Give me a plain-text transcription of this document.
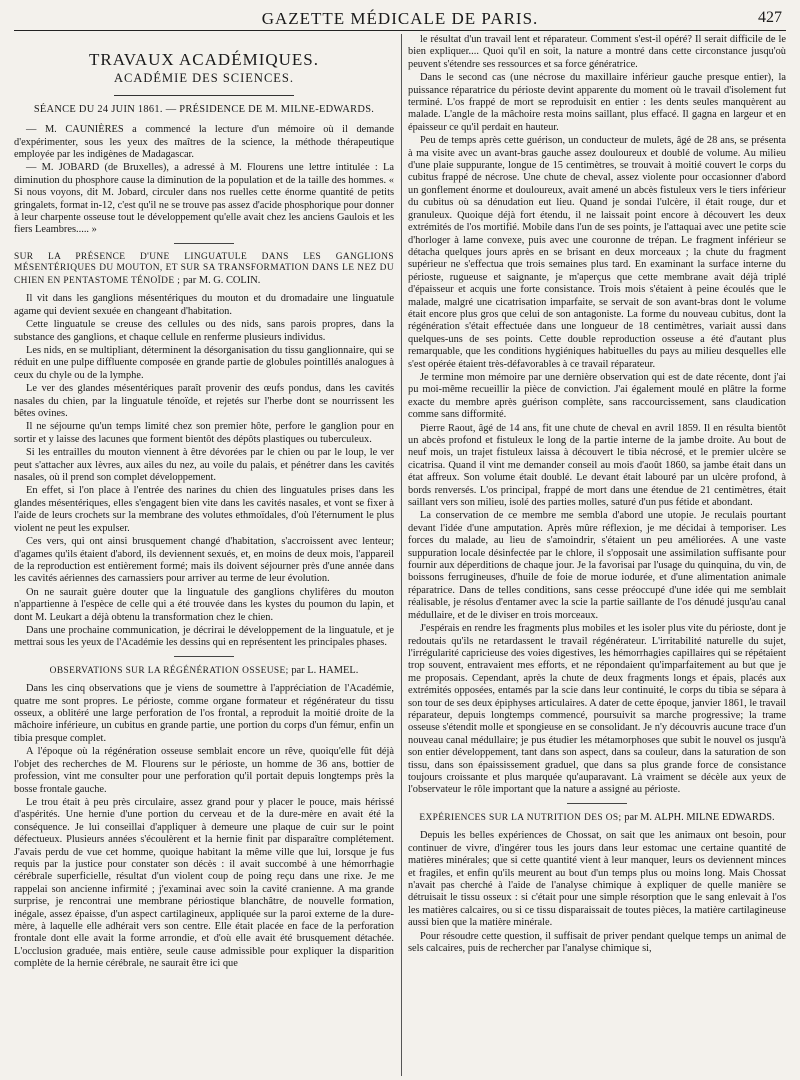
GAZETTE MÉDICALE DE PARIS.	427
TRAVAUX ACADÉMIQUES.
ACADÉMIE DES SCIENCES.
SÉANCE DU 24 JUIN 1861. — PRÉSIDENCE DE M. MILNE-EDWARDS.

— M. CAUNIÈRES a commencé la lecture d'un mémoire où il demande d'expérimenter, sous les yeux des maîtres de la science, la méthode thérapeutique employée par les indigènes de Madagascar.

— M. JOBARD (de Bruxelles), a adressé à M. Flourens une lettre intitulée : La diminution du phosphore cause la diminution de la population et de la taille des hommes. « Si nous voyons, dit M. Jobard, circuler dans nos ruelles cette énorme quantité de petits gringalets, format in-12, c'est qu'il ne se trouve pas assez d'acide phosphorique pour donner à leur charpente osseuse tout le développement qu'elle avait chez les anciens Gaulois et les fiers Leambres..... »

SUR LA PRÉSENCE D'UNE LINGUATULE DANS LES GANGLIONS MÉSENTÉRIQUES DU MOUTON, ET SUR SA TRANSFORMATION DANS LE NEZ DU CHIEN EN PENTASTOME TÉNOÏDE ; par M. G. COLIN.

Il vit dans les ganglions mésentériques du mouton et du dromadaire une linguatule agame qui devient sexuée en changeant d'habitation.

Cette linguatule se creuse des cellules ou des nids, sans parois propres, dans la substance des ganglions, et chaque cellule en renferme plusieurs individus.

Les nids, en se multipliant, déterminent la désorganisation du tissu ganglionnaire, qui se réduit en une pulpe diffluente composée en grande partie de globules pointillés analogues à ceux du chyle ou de la lymphe.

Le ver des glandes mésentériques paraît provenir des œufs pondus, dans les cavités nasales du chien, par la linguatule ténoïde, et rejetés sur l'herbe dont se nourrissent les bêtes ovines.

Il ne séjourne qu'un temps limité chez son premier hôte, perfore le ganglion pour en sortir et y laisse des lacunes que forment bientôt des dépôts plastiques ou tuberculeux.

Si les entrailles du mouton viennent à être dévorées par le chien ou par le loup, le ver peut s'attacher aux lèvres, aux ailes du nez, au voile du palais, et pénétrer dans les cavités nasales, où il prend son complet développement.

En effet, si l'on place à l'entrée des narines du chien des linguatules prises dans les glandes mésentériques, elles s'engagent bien vite dans les cavités nasales, et vont se fixer à l'aide de leurs crochets sur la membrane des volutes ethmoïdales, d'où l'éternument le plus violent ne peut les expulser.

Ces vers, qui ont ainsi brusquement changé d'habitation, s'accroissent avec lenteur; d'agames qu'ils étaient d'abord, ils deviennent sexués, et, en moins de deux mois, l'appareil de la reproduction est entièrement formé; mais ils doivent séjourner près d'une année dans les cavités aériennes des carnassiers pour arriver au terme de leur évolution.

On ne saurait guère douter que la linguatule des ganglions chylifères du mouton n'appartienne à l'espèce de celle qui a été trouvée dans les kystes du poumon du lapin, et dont M. Leukart a déjà obtenu la transformation chez le chien.

Dans une prochaine communication, je décrirai le développement de la linguatule, et je mettrai sous les yeux de l'Académie les dessins qui en représentent les principales phases.

OBSERVATIONS SUR LA RÉGÉNÉRATION OSSEUSE; par L. HAMEL.

Dans les cinq observations que je viens de soumettre à l'appréciation de l'Académie, quatre me sont propres. Le périoste, comme organe formateur et régénérateur du tissu osseux, a oblitéré une large perforation de l'os frontal, a reproduit la moitié droite de la mâchoire inférieure, un cubitus en grande partie, une portion du corps d'un fémur, enfin un tibia presque complet.

A l'époque où la régénération osseuse semblait encore un rêve, quoiqu'elle fût déjà l'objet des recherches de M. Flourens sur le périoste, un homme de 36 ans, bottier de profession, vint me consulter pour une perforation qu'il portait depuis longtemps près la bosse frontale gauche.

Le trou était à peu près circulaire, assez grand pour y placer le pouce, mais hérissé d'aspérités. Une hernie d'une portion du cerveau et de la dure-mère en avait été la conséquence. Je lui conseillai d'appliquer à demeure une plaque de cuir sur le point défectueux. Plusieurs années s'écoulèrent et la hernie finit par disparaître complétement. J'avais perdu de vue cet homme, quoique habitant la même ville que lui, lorsque je fus requis par la justice pour constater son décès : il avait succombé à une hémorrhagie cérébrale superficielle, résultat d'un violent coup de poing reçu dans une rixe. Je me rappelai son ancienne infirmité ; j'examinai avec soin la cavité cranienne. A ma grande surprise, je rencontrai une membrane périostique blanchâtre, de nouvelle formation, inégale, assez épaisse, d'un aspect cartilagineux, appliquée sur la paroi externe de la dure-mère, à laquelle elle adhérait vers son centre. Elle était placée en face de la perforation frontale dont elle avait la forme arrondie, et d'où elle avait été brusquement détachée. L'occlusion graduée, mais entière, seule cause admissible pour expliquer la disparition complète de la hernie cérébrale, ne saurait être ici que

le résultat d'un travail lent et réparateur. Comment s'est-il opéré? Il serait difficile de le bien expliquer.... Quoi qu'il en soit, la nature a montré dans cette circonstance jusqu'où peuvent s'étendre ses ressources et sa force génératrice.

Dans le second cas (une nécrose du maxillaire inférieur gauche presque entier), la puissance réparatrice du périoste devint apparente du moment où le travail d'isolement fut terminé. L'os frappé de mort se reproduisit en entier : les dents seules manquèrent au malade. L'angle de la mâchoire resta moins saillant, plus effacé. Il gagna en largeur et en épaisseur ce qu'il perdait en hauteur.

Peu de temps après cette guérison, un conducteur de mulets, âgé de 28 ans, se présenta à ma visite avec un avant-bras gauche assez douloureux et doublé de volume. Au milieu d'une plaie suppurante, longue de 15 centimètres, se trouvait à moitié couvert le corps du cubitus frappé de nécrose. Une chute de cheval, assez violente pour occasionner d'abord un gonflement énorme et douloureux, avait amené un abcès fistuleux vers le tiers inférieur du cubitus où sa dénudation eut lieu. Quand je sondai l'ulcère, il était rouge, dur et granuleux. Quoique déjà fort étendu, il ne laissait point encore à découvert les deux extrémités de l'os mortifié. Mobile dans l'un de ses points, je l'attaquai avec une petite scie d'horloger à lame convexe, puis avec une couronne de trépan. Le fragment inférieur se détacha quelques jours après en se brisant en deux morceaux ; la chute du fragment supérieur ne s'effectua que trois semaines plus tard. En examinant la surface interne du périoste, rugueuse et saignante, je m'aperçus que cette membrane avait déjà triplé d'épaisseur et acquis une forte consistance. Trois mois s'étaient à peine écoulés que le malade, malgré une cicatrisation imparfaite, se servait de son avant-bras dont le volume était encore plus gros que celui de son antagoniste. La forme du nouveau cubitus, dont la régénération s'était effectuée dans une longueur de 18 centimètres, variait aussi dans quelques-uns de ses points. Cette double reproduction osseuse a été d'autant plus remarquable, que les conditions hygiéniques habituelles du pays au milieu desquelles elle s'est opérée étaient très-défavorables à ce travail réparateur.

Je termine mon mémoire par une dernière observation qui est de date récente, dont j'ai pu moi-même recueillir la pièce de conviction. J'ai également moulé en plâtre la forme exacte du membre après guérison complète, sans raccourcissement, sans claudication comme sans difformité.

Pierre Raout, âgé de 14 ans, fit une chute de cheval en avril 1859. Il en résulta bientôt un abcès profond et fistuleux le long de la partie interne de la jambe droite. Au bout de neuf mois, un trajet fistuleux laissa à découvert le tibia nécrosé, et le premier ulcère se cicatrisa. Quand il vint me demander conseil au mois d'août 1860, sa jambe était dans un état affreux. Son volume était doublé. Le devant était labouré par un ulcère profond, à bords renversés. L'os principal, frappé de mort dans une étendue de 21 centimètres, était saillant vers son milieu, isolé des parties molles, saturé d'un pus fétide et abondant.

La conservation de ce membre me sembla d'abord une utopie. Je reculais pourtant devant l'idée d'une amputation. Après mûre réflexion, je me décidai à temporiser. Les forces du malade, au lieu de s'amoindrir, s'étaient un peu améliorées. A une vaste suppuration locale désinfectée par le chlore, il s'opposait une assimilation suffisante pour fournir aux déperditions de chaque jour. Je la favorisai par l'usage du quinquina, du vin, de boissons ferrugineuses, d'huile de foie de morue iodurée, et d'une alimentation animale réparatrice. Dans de telles conditions, sans cesse préoccupé d'une idée qui me semblait réalisable, je résolus d'entamer avec la scie la partie saillante de l'os dénudé jusqu'au canal médullaire, et de le diviser en trois morceaux.

J'espérais en rendre les fragments plus mobiles et les isoler plus vite du périoste, dont je redoutais qu'ils ne retardassent le travail régénérateur. L'irritabilité naturelle du sujet, l'irrégularité capricieuse des voies digestives, les hémorrhagies capillaires qui se répétaient trop souvent, entravaient mes efforts, et ne répondaient qu'imparfaitement au but que je me proposais. Cependant, après la chute de deux fragments longs et épais, placés aux extrémités opposées, entamés par la scie dans leur continuité, le corps du tibia se sépara à son tour de ses deux épiphyses articulaires. A dater de cette époque, janvier 1861, le travail réparateur, depuis longtemps commencé, poursuivit sa marche progressive; la trame osseuse s'étendit molle et spongieuse en se consolidant. Je n'y découvris aucune trace d'un nouveau canal médullaire; je pus étudier les métamorphoses que subit le nouvel os jusqu'à son entier développement, tant dans son aspect, dans sa couleur, dans la saturation de son tissu, dans son épaississement graduel, que dans sa plus grande force de consistance toujours croissante et plus marquée qu'auparavant. Là vraiment se décèle aux yeux de l'observateur le rôle important que la nature a assigné au périoste.

EXPÉRIENCES SUR LA NUTRITION DES OS; par M. ALPH. MILNE EDWARDS.

Depuis les belles expériences de Chossat, on sait que les animaux ont besoin, pour continuer de vivre, d'ingérer tous les jours dans leur estomac une certaine quantité de matières minérales; que si cette quantité vient à leur manquer, leurs os deviennent minces et fragiles, et enfin qu'ils meurent au bout d'un temps plus ou moins long. Mais Chossat n'avait pas cherché à l'aide de l'analyse chimique à expliquer de quelle manière se détruisait le tissu osseux : si c'était pour une simple résorption que le sang enlevait à l'os les matières calcaires, ou si ce tissu disparaissait de toutes pièces, la matière cartilagineuse aussi bien que la matière minérale.

Pour résoudre cette question, il suffisait de priver pendant quelque temps un animal de sels calcaires, puis de rechercher par l'analyse chimique si,
